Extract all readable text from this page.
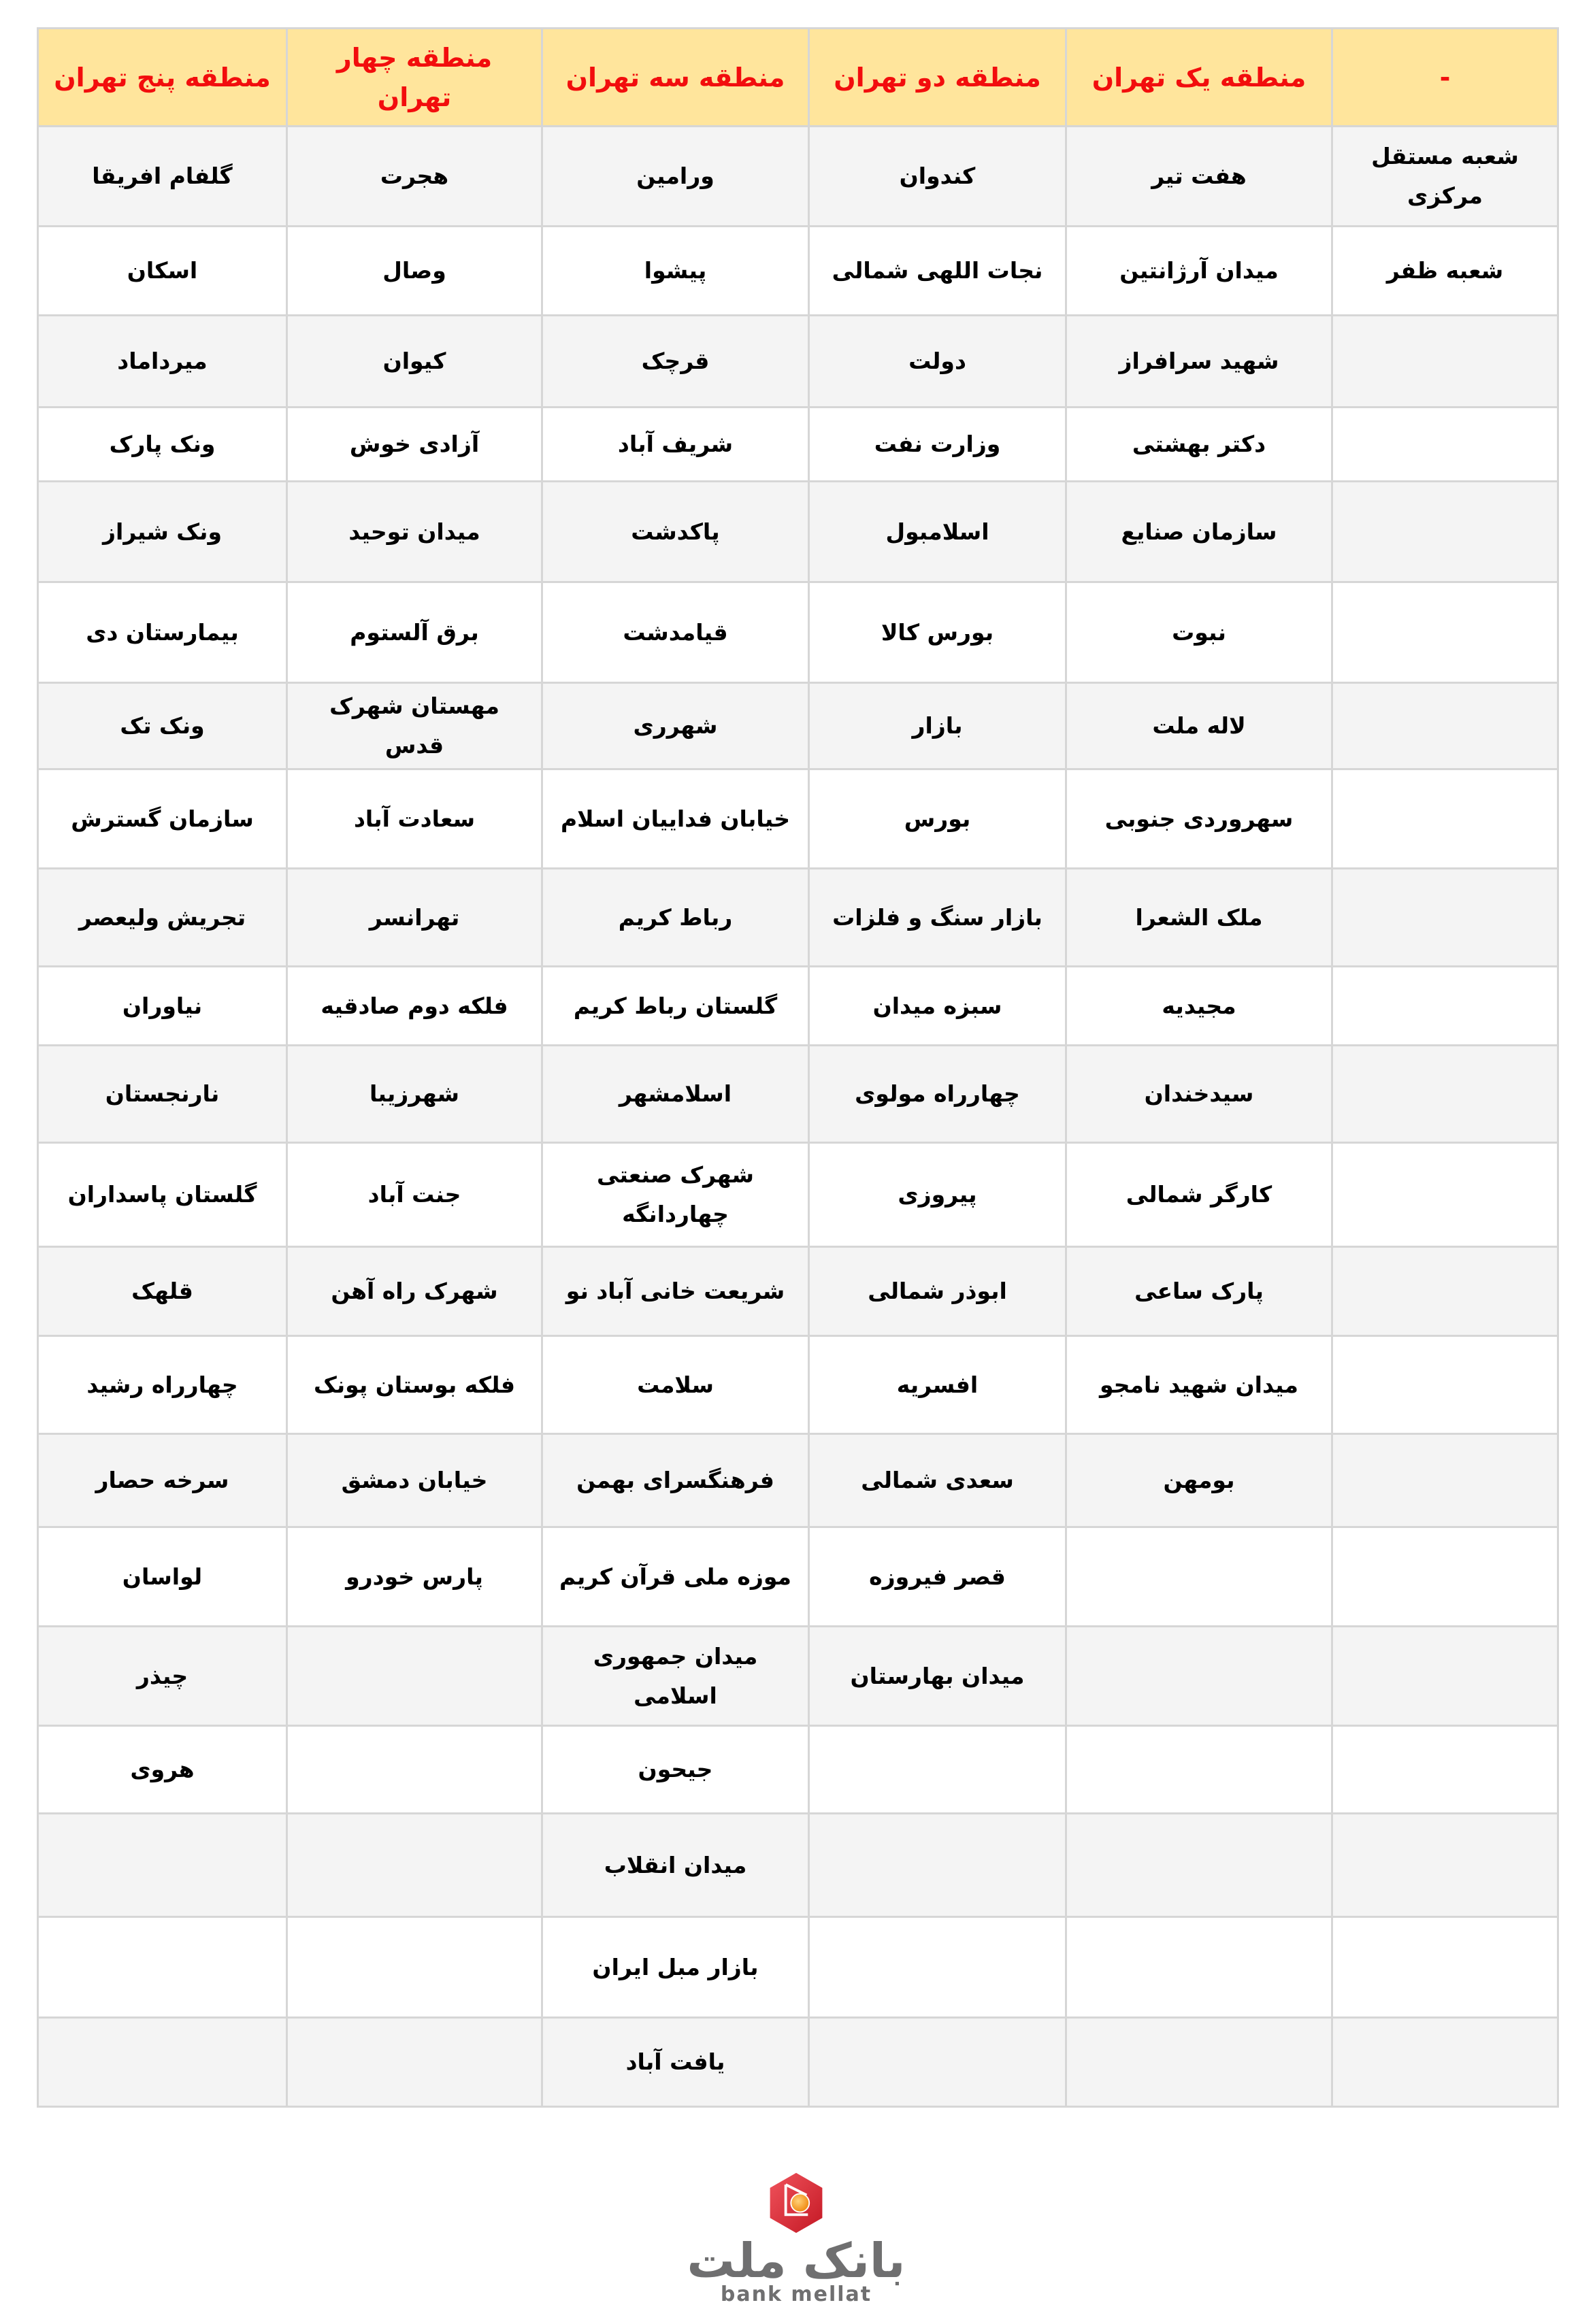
منطقه پنج تهران	منطقه چهار تهران	منطقه سه تهران	منطقه دو تهران	منطقه یک تهران	-
گلفام افریقا	هجرت	ورامین	کندوان	هفت تیر	شعبه مستقل مرکزی
اسکان	وصال	پیشوا	نجات اللهی شمالی	میدان آرژانتین	شعبه ظفر
میرداماد	کیوان	قرچک	دولت	شهید سرافراز	
ونک پارک	آزادی خوش	شریف آباد	وزارت نفت	دکتر بهشتی	
ونک شیراز	میدان توحید	پاکدشت	اسلامبول	سازمان صنایع	
بیمارستان دی	برق آلستوم	قیامدشت	بورس کالا	نبوت	
ونک تک	مهستان شهرک قدس	شهرری	بازار	لاله ملت	
سازمان گسترش	سعادت آباد	خیابان فداییان اسلام	بورس	سهروردی جنوبی	
تجریش ولیعصر	تهرانسر	رباط کریم	بازار سنگ و فلزات	ملک الشعرا	
نیاوران	فلکه دوم صادقیه	گلستان رباط کریم	سبزه میدان	مجیدیه	
نارنجستان	شهرزیبا	اسلامشهر	چهارراه مولوی	سیدخندان	
گلستان پاسداران	جنت آباد	شهرک صنعتی چهاردانگه	پیروزی	کارگر شمالی	
قلهک	شهرک راه آهن	شریعت خانی آباد نو	ابوذر شمالی	پارک ساعی	
چهارراه رشید	فلکه بوستان پونک	سلامت	افسریه	میدان شهید نامجو	
سرخه حصار	خیابان دمشق	فرهنگسرای بهمن	سعدی شمالی	بومهن	
لواسان	پارس خودرو	موزه ملی قرآن کریم	قصر فیروزه		
چیذر		میدان جمهوری اسلامی	میدان بهارستان		
هروی		جیحون			
		میدان انقلاب			
		بازار مبل ایران			
		یافت آباد			
بانک ملت
bank mellat
